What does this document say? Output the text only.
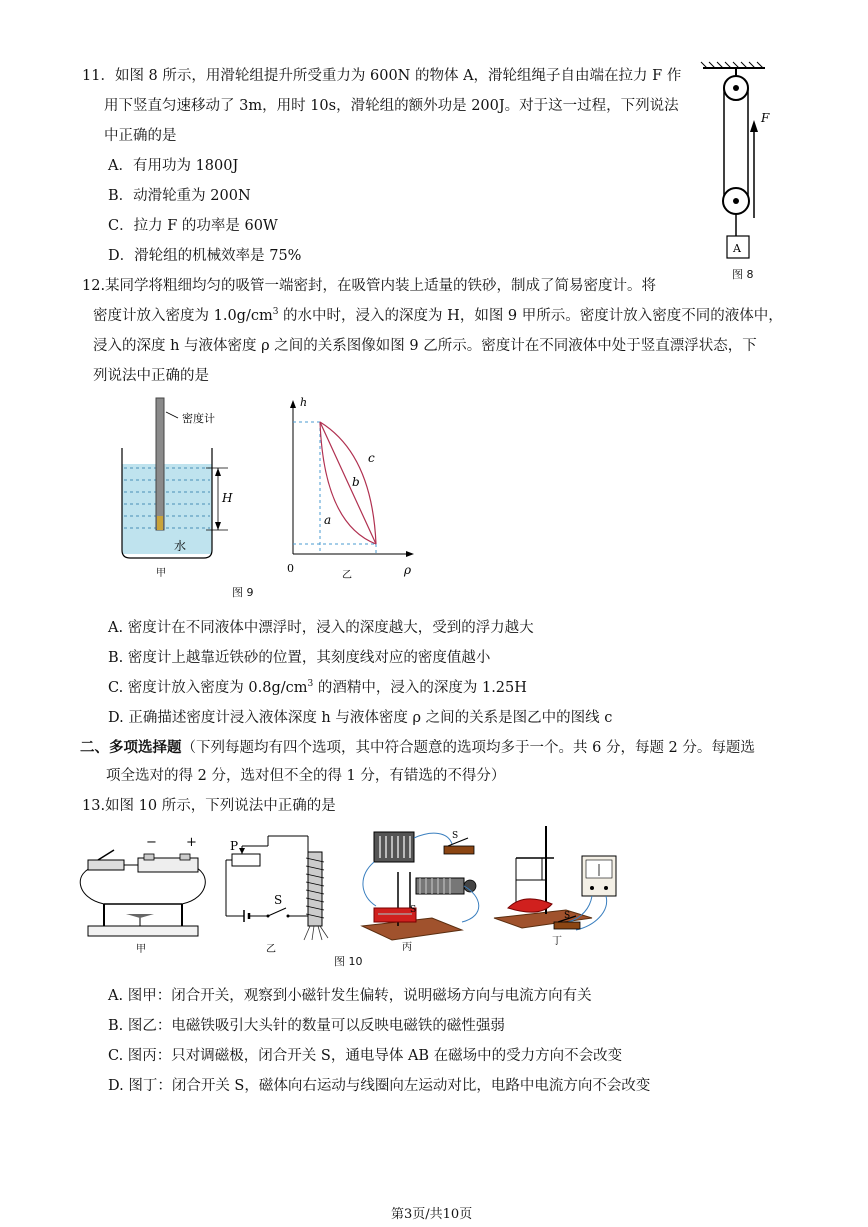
11．如图 8 所示，用滑轮组提升所受重力为 600N 的物体 A，滑轮组绳子自由端在拉力 F 作
用下竖直匀速移动了 3m，用时 10s，滑轮组的额外功是 200J。对于这一过程，下列说法
中正确的是
A．有用功为 1800J
B．动滑轮重为 200N
C．拉力 F 的功率是 60W
D．滑轮组的机械效率是 75%
F
A
图 8
12.某同学将粗细均匀的吸管一端密封，在吸管内装上适量的铁砂，制成了简易密度计。将
密度计放入密度为 $1.0g/cm^3$ 的水中时，浸入的深度为 H，如图 9 甲所示。密度计放入密度不同的液体中，
浸入的深度 h 与液体密度 ρ 之间的关系图像如图 9 乙所示。密度计在不同液体中处于竖直漂浮状态，下
列说法中正确的是
密度计
H
水
甲
h
ρ
0
c
b
a
乙
图 9
A. 密度计在不同液体中漂浮时，浸入的深度越大，受到的浮力越大
B. 密度计上越靠近铁砂的位置，其刻度线对应的密度值越小
C. 密度计放入密度为 $0.8g/cm^3$ 的酒精中，浸入的深度为 1.25H
D. 正确描述密度计浸入液体深度 h 与液体密度 ρ 之间的关系是图乙中的图线 c
二、多项选择题（下列每题均有四个选项，其中符合题意的选项均多于一个。共 6 分，每题 2 分。每题选
项全选对的得 2 分，选对但不全的得 1 分，有错选的不得分）
13.如图 10 所示，下列说法中正确的是
− +
甲
P
S
乙
S
S
丙
S
丁
图 10
A. 图甲：闭合开关，观察到小磁针发生偏转，说明磁场方向与电流方向有关
B. 图乙：电磁铁吸引大头针的数量可以反映电磁铁的磁性强弱
C. 图丙：只对调磁极，闭合开关 S，通电导体 AB 在磁场中的受力方向不会改变
D. 图丁：闭合开关 S，磁体向右运动与线圈向左运动对比，电路中电流方向不会改变
第3页/共10页
